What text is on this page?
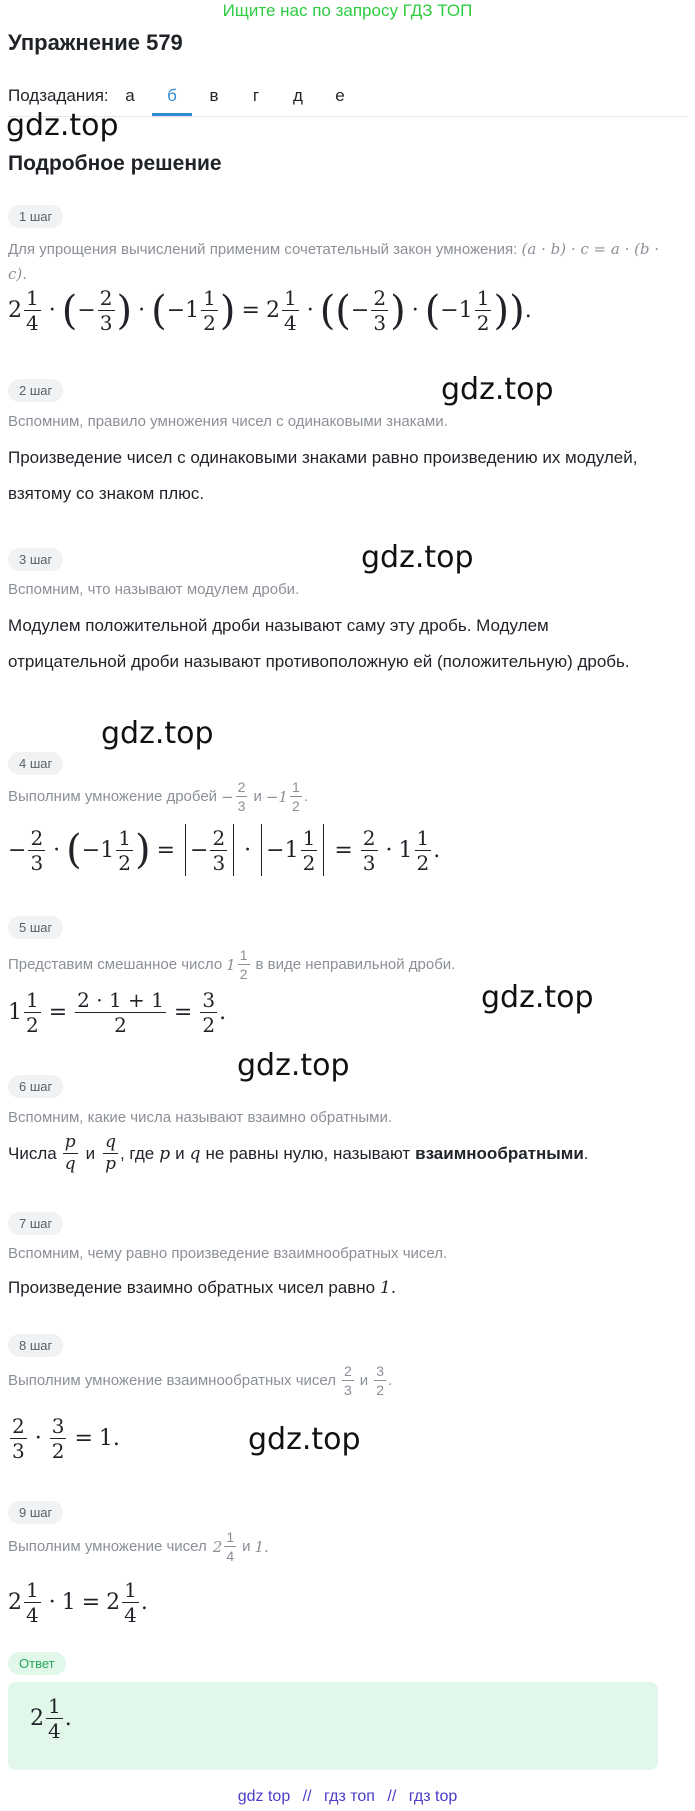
Ищите нас по запросу ГДЗ ТОП
Упражнение 579
Подзадания: а	б	в	г	д	е
gdz.top
gdz.top
gdz.top
gdz.top
gdz.top
gdz.top
gdz.top
Подробное решение
1 шаг
Для упрощения вычислений применим сочетательный закон умножения: (a · b) · c = a · (b · c).
$2 \frac{1}{4}$ · ( − $\frac{2}{3}$ ) · ( $-1 \frac{1}{2}$ ) = $2 \frac{1}{4}$ · ( ( − $\frac{2}{3}$ ) · ( $-1 \frac{1}{2}$ ) ) .
2 шаг
Вспомним, правило умножения чисел с одинаковыми знаками.
Произведение чисел с одинаковыми знаками равно произведению их модулей, взятому со знаком плюс.
3 шаг
Вспомним, что называют модулем дроби.
Модулем положительной дроби называют саму эту дробь. Модулем отрицательной дроби называют противоположную ей (положительную) дробь.
4 шаг
Выполним умножение дробей − $\frac{2}{3}$ $и -1 \frac{1}{2}$ .
− $\frac{2}{3}$ · ( $-1 \frac{1}{2}$ ) = − $\frac{2}{3} \cdot -1 \frac{1}{2} = \frac{2}{3} \cdot 1 \frac{1}{2}$ .
5 шаг
Представим смешанное число $1 \frac{1}{2}$ в виде неправильной дроби.
$1 \frac{1}{2} = \frac{2 \cdot 1 + 1}{2} = \frac{3}{2}$ .
6 шаг
Вспомним, какие числа называют взаимно обратными.
Числа $\frac{p}{q}$ и $\frac{q}{p}$ , где p и q не равны нулю, называют взаимнообратными .
7 шаг
Вспомним, чему равно произведение взаимнообратных чисел.
Произведение взаимно обратных чисел равно 1.
8 шаг
Выполним умножение взаимнообратных чисел $\frac{2}{3}$ и $\frac{3}{2}$ .
$\frac{2}{3} \cdot \frac{3}{2} = 1$.
9 шаг
Выполним умножение чисел $2 \frac{1}{4}$ и 1.
$2 \frac{1}{4} \cdot 1 = 2 \frac{1}{4}$ .
Ответ
$2 \frac{1}{4}$ .
gdz top // гдз топ // гдз top
